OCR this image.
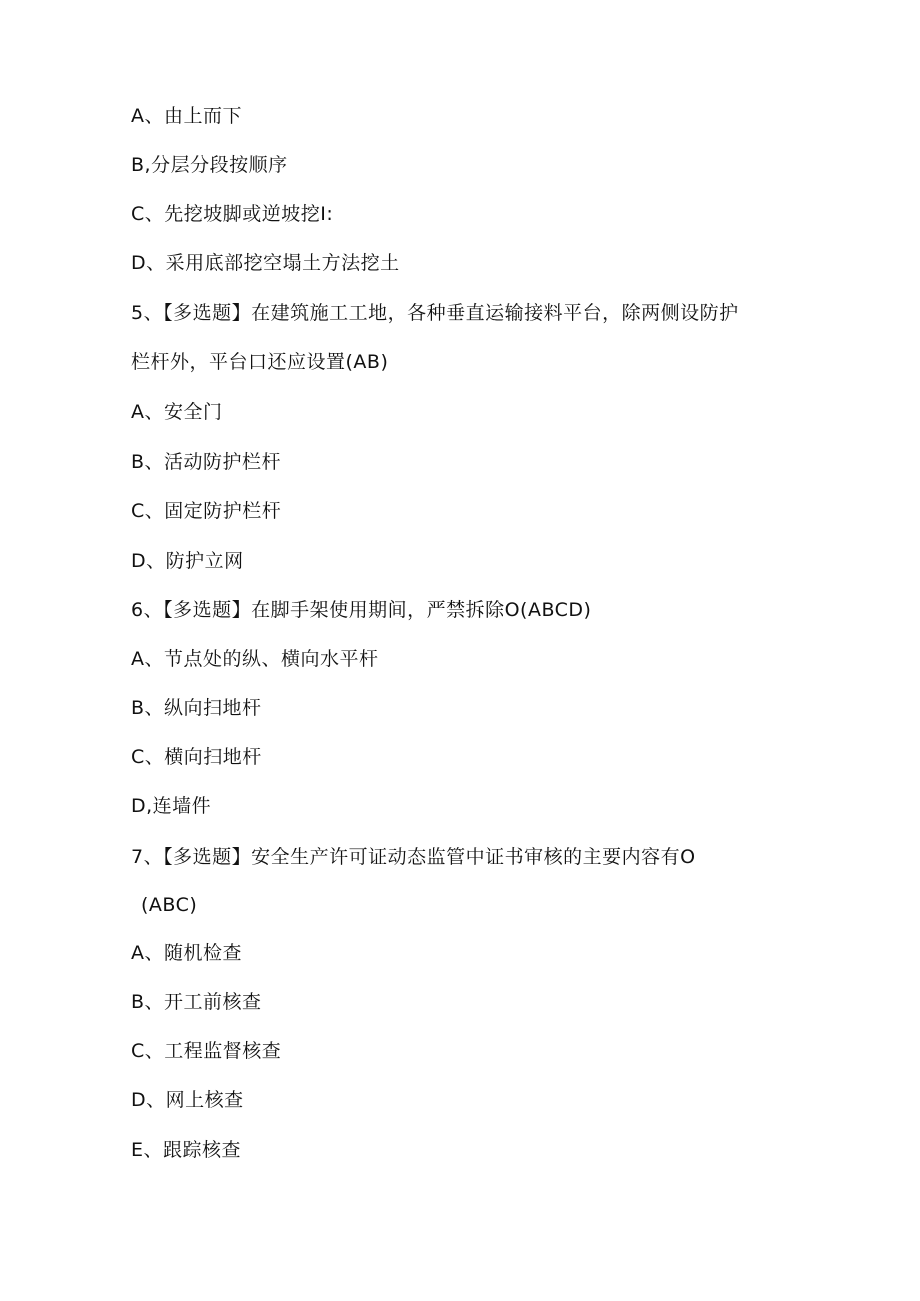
A、由上而下
B,分层分段按顺序
C、先挖坡脚或逆坡挖I:
D、采用底部挖空塌土方法挖土
5、【多选题】在建筑施工工地，各种垂直运输接料平台，除两侧设防护
栏杆外，平台口还应设置(AB)
A、安全门
B、活动防护栏杆
C、固定防护栏杆
D、防护立网
6、【多选题】在脚手架使用期间，严禁拆除O(ABCD)
A、节点处的纵、横向水平杆
B、纵向扫地杆
C、横向扫地杆
D,连墙件
7、【多选题】安全生产许可证动态监管中证书审核的主要内容有O
(ABC)
A、随机检查
B、开工前核查
C、工程监督核查
D、网上核查
E、跟踪核查
